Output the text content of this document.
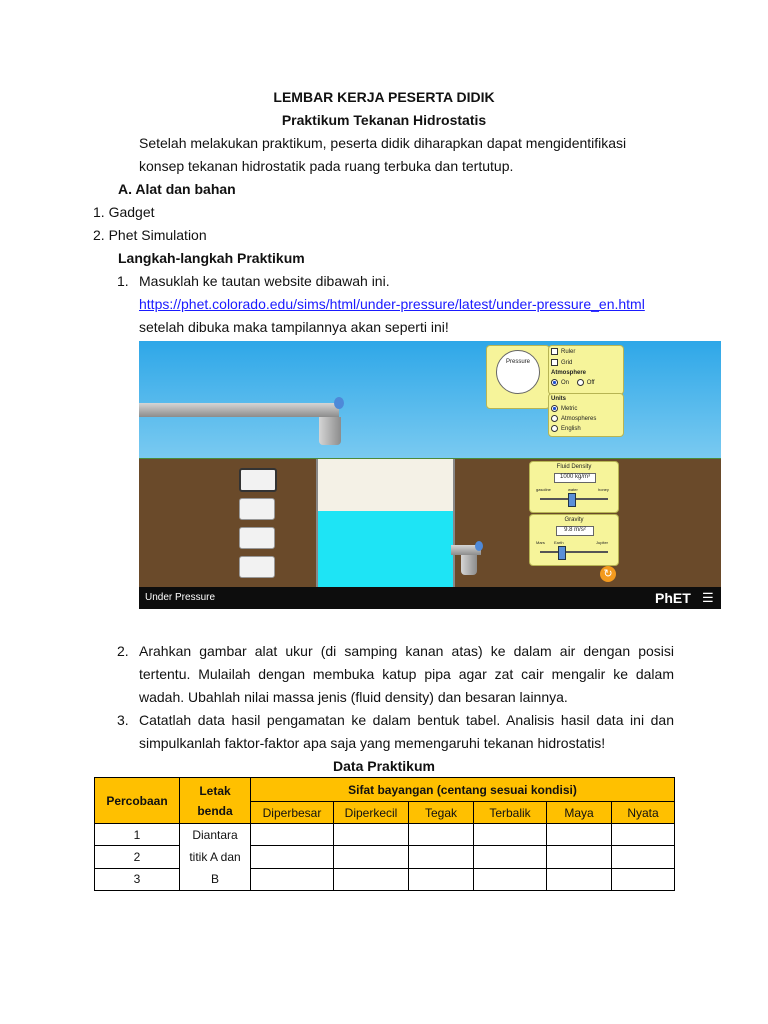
LEMBAR KERJA PESERTA DIDIK
Praktikum Tekanan Hidrostatis
Setelah melakukan praktikum, peserta didik diharapkan dapat mengidentifikasi
konsep tekanan hidrostatik pada ruang terbuka dan tertutup.
A. Alat dan bahan
1. Gadget
2. Phet Simulation
Langkah-langkah Praktikum
1. Masuklah ke tautan website dibawah ini.
https://phet.colorado.edu/sims/html/under-pressure/latest/under-pressure_en.html
setelah dibuka maka tampilannya akan seperti ini!
Pressure
Ruler
Grid
Atmosphere
On	Off
Units
Metric
Atmospheres
English
Fluid Density
1000 kg/m³
gasoline	water	honey
Gravity
9.8 m/s²
Mars Earth	Jupiter
↻
Under Pressure	PhET ☰
2. Arahkan gambar alat ukur (di samping kanan atas) ke dalam air dengan posisi
tertentu. Mulailah dengan membuka katup pipa agar zat cair mengalir ke dalam
wadah. Ubahlah nilai massa jenis (fluid density) dan besaran lainnya.
3. Catatlah data hasil pengamatan ke dalam bentuk tabel. Analisis hasil data ini dan
simpulkanlah faktor-faktor apa saja yang memengaruhi tekanan hidrostatis!
Data Praktikum
Percobaan	Letak benda	Sifat bayangan (centang sesuai kondisi)					
		Diperbesar	Diperkecil	Tegak	Terbalik	Maya	Nyata
1	Diantara titik A dan B						
2							
3							
